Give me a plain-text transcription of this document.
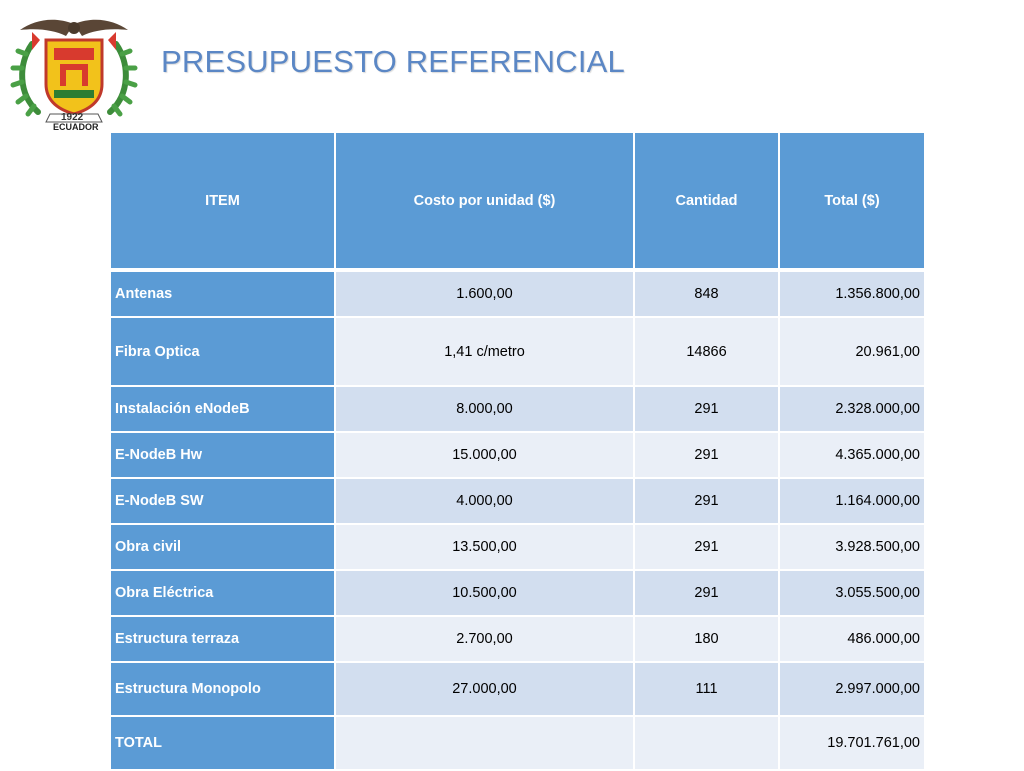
1922
ECUADOR
PRESUPUESTO REFERENCIAL
ITEM	Costo por unidad ($)	Cantidad	Total ($)
Antenas	1.600,00	848	1.356.800,00
Fibra Optica	1,41 c/metro	14866	20.961,00
Instalación eNodeB	8.000,00	291	2.328.000,00
E-NodeB Hw	15.000,00	291	4.365.000,00
E-NodeB SW	4.000,00	291	1.164.000,00
Obra civil	13.500,00	291	3.928.500,00
Obra Eléctrica	10.500,00	291	3.055.500,00
Estructura terraza	2.700,00	180	486.000,00
Estructura Monopolo	27.000,00	111	2.997.000,00
TOTAL			19.701.761,00
